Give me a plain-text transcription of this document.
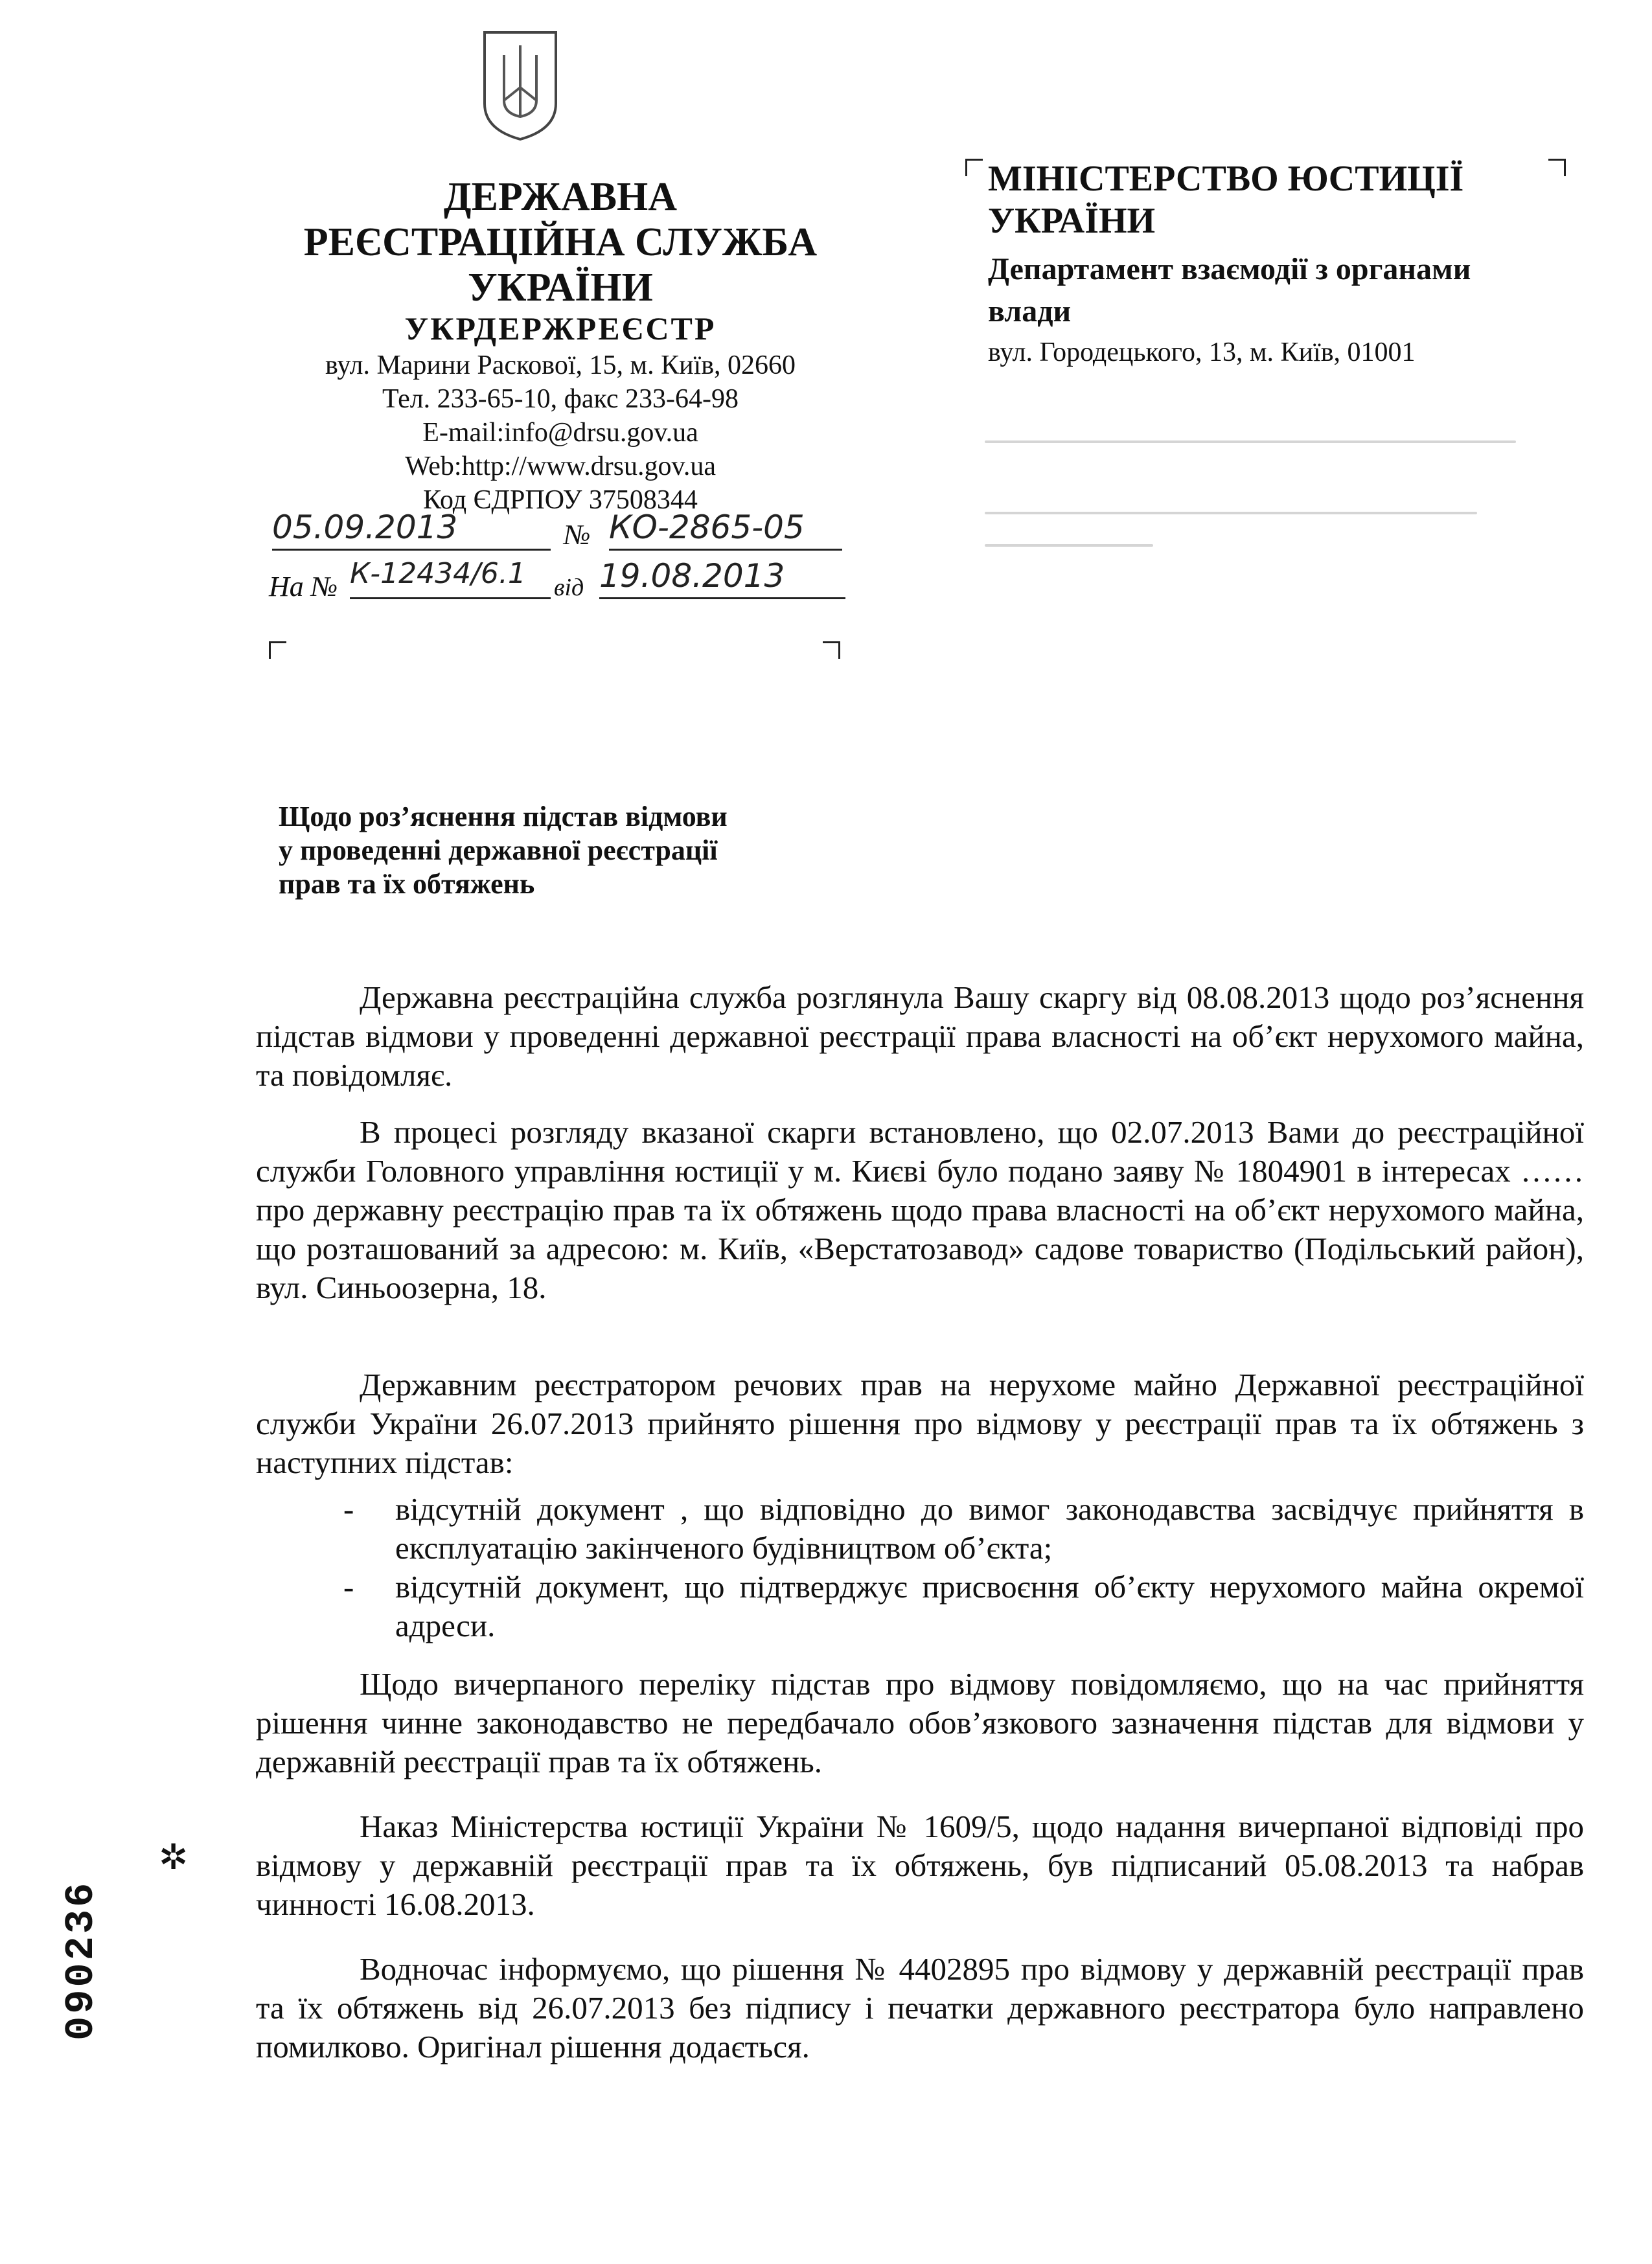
ДЕРЖАВНА
РЕЄСТРАЦІЙНА СЛУЖБА
УКРАЇНИ
УКРДЕРЖРЕЄСТР
вул. Марини Раскової, 15, м. Київ, 02660
Тел. 233-65-10, факс 233-64-98
E-mail:info@drsu.gov.ua
Web:http://www.drsu.gov.ua
Код ЄДРПОУ 37508344
05.09.2013	№ КО-2865-05
На № К-12434/6.1	від 19.08.2013
МІНІСТЕРСТВО ЮСТИЦІЇ
УКРАЇНИ
Департамент взаємодії з органами
влади
вул. Городецького, 13, м. Київ, 01001
Щодо роз’яснення підстав відмови
у проведенні державної реєстрації
прав та їх обтяжень
Державна реєстраційна служба розглянула Вашу скаргу від 08.08.2013 щодо роз’яснення підстав відмови у проведенні державної реєстрації права власності на об’єкт нерухомого майна, та повідомляє.
В процесі розгляду вказаної скарги встановлено, що 02.07.2013 Вами до реєстраційної служби Головного управління юстиції у м. Києві було подано заяву № 1804901 в інтересах …… про державну реєстрацію прав та їх обтяжень щодо права власності на об’єкт нерухомого майна, що розташований за адресою: м. Київ, «Верстатозавод» садове товариство (Подільський район), вул. Синьоозерна, 18.
Державним реєстратором речових прав на нерухоме майно Державної реєстраційної служби України 26.07.2013 прийнято рішення про відмову у реєстрації прав та їх обтяжень з наступних підстав:
- відсутній документ , що відповідно до вимог законодавства засвідчує прийняття в експлуатацію закінченого будівництвом об’єкта;
- відсутній документ, що підтверджує присвоєння об’єкту нерухомого майна окремої адреси.
Щодо вичерпаного переліку підстав про відмову повідомляємо, що на час прийняття рішення чинне законодавство не передбачало обов’язкового зазначення підстав для відмови у державній реєстрації прав та їх обтяжень.
Наказ Міністерства юстиції України № 1609/5, щодо надання вичерпаної відповіді про відмову у державній реєстрації прав та їх обтяжень, був підписаний 05.08.2013 та набрав чинності 16.08.2013.
Водночас інформуємо, що рішення № 4402895 про відмову у державній реєстрації прав та їх обтяжень від 26.07.2013 без підпису і печатки державного реєстратора було направлено помилково. Оригінал рішення додається.
✲
090236
